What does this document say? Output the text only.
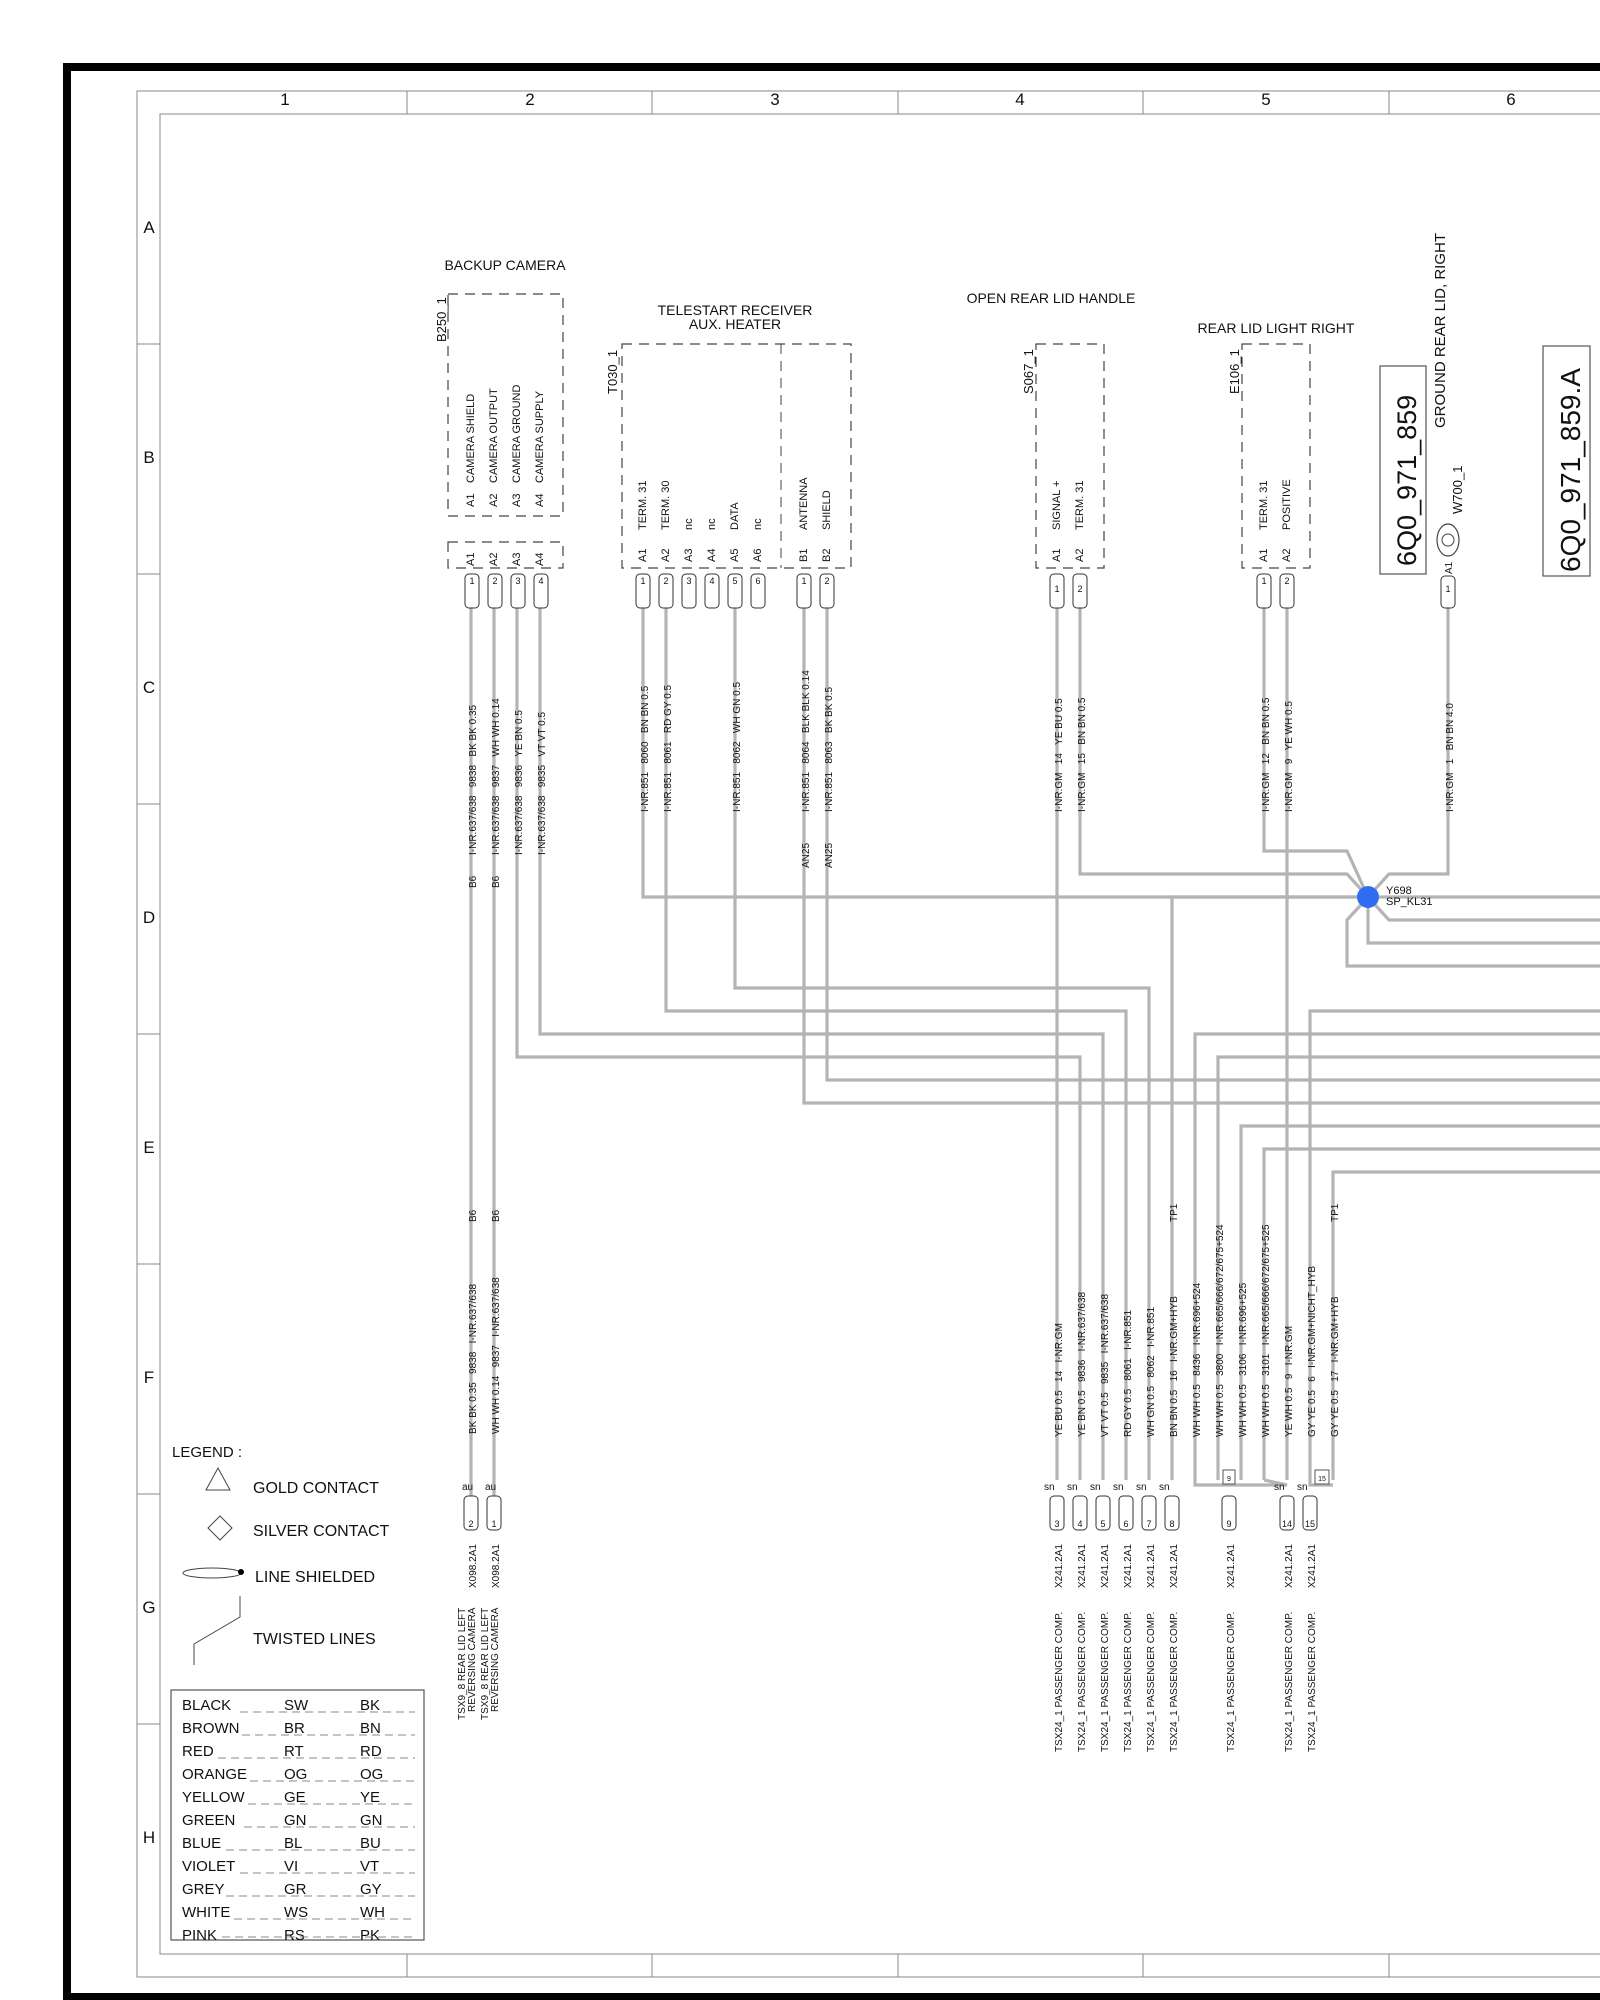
1	2	3	4	5	6
A
B
C
D
E
F
G
H
BACKUP CAMERA
B250_1
A1
CAMERA SHIELD
A2
CAMERA OUTPUT
A3
CAMERA GROUND
A4
CAMERA SUPPLY
A1 A2 A3 A4
1 2 3 4
TELESTART RECEIVER
AUX. HEATER
T030_1
TERM. 31 TERM. 30 nc nc DATA nc	ANTENNA SHIELD
A1 A2 A3 A4 A5 A6	B1 B2
1 2 3 4 5 6	1 2
OPEN REAR LID HANDLE
S067_1
SIGNAL + TERM. 31
A1 A2
1 2
REAR LID LIGHT RIGHT
E106_1
TERM. 31 POSITIVE
A1 A2
1 2
6Q0_971_859
GROUND REAR LID, RIGHT
W700_1
A1
1
6Q0_971_859.A
Y698
SP_KL31
I-NR.637/638   9838   BK BK 0.35
B6
I-NR.637/638   9837   WH WH 0.14
B6
I-NR.637/638   9836   YE BN 0.5 I-NR.637/638   9835   VT VT 0.5	I-NR.851   8060   BN BN 0.5 I-NR.851   8061   RD GY 0.5	I-NR.851   8062   WH GN 0.5	I-NR.851   8064   BLK BLK 0.14
AN25
I-NR.851   8063   BK BK 0.5
AN25
I-NR.GM   14   YE BU 0.5 I-NR.GM   15   BN BN 0.5	I-NR.GM   12   BN BN 0.5 I-NR.GM   9   YE WH 0.5	I-NR.GM   1   BN BN 4.0
BK BK 0.35   9838   I-NR.637/638
B6
WH WH 0.14   9837   I-NR.637/638
B6
YE BU 0.5   14   I-NR.GM YE BN 0.5   9836   I-NR.637/638 VT VT 0.5   9835   I-NR.637/638 RD GY 0.5   8061   I-NR.851 WH GN 0.5   8062   I-NR.851 BN BN 0.5   16   I-NR.GM+HYB
TP1
WH WH 0.5   8436   I-NR.696+524 WH WH 0.5   3800   I-NR.665/666/672/675+524 WH WH 0.5   3106   I-NR.696+525 WH WH 0.5   3101   I-NR.665/666/672/675+525 YE WH 0.5   9   I-NR.GM GY YE 0.5   6   I-NR.GM+NICHT_HYB GY YE 0.5   17   I-NR.GM+HYB
TP1
au
2
X098.2A1
au
1
X098.2A1
sn
3
X241.2A1
sn
4
X241.2A1
sn
5
X241.2A1
sn
6
X241.2A1
sn
7
X241.2A1
sn
8
X241.2A1
9
9
X241.2A1
sn
14
X241.2A1
15
sn
15
X241.2A1
TSX9_8 REAR LID LEFT REVERSING CAMERA TSX9_8 REAR LID LEFT REVERSING CAMERA	TSX24_1 PASSENGER COMP. TSX24_1 PASSENGER COMP. TSX24_1 PASSENGER COMP. TSX24_1 PASSENGER COMP. TSX24_1 PASSENGER COMP. TSX24_1 PASSENGER COMP.	TSX24_1 PASSENGER COMP.	TSX24_1 PASSENGER COMP. TSX24_1 PASSENGER COMP.
LEGEND :
GOLD CONTACT
SILVER CONTACT
LINE SHIELDED
TWISTED LINES
BLACK	SW	BK
BROWN	BR	BN
RED	RT	RD
ORANGE OG	OG
YELLOW	GE	YE
GREEN	GN	GN
BLUE	BL	BU
VIOLET	VI	VT
GREY	GR	GY
WHITE	WS	WH
PINK	RS	PK
